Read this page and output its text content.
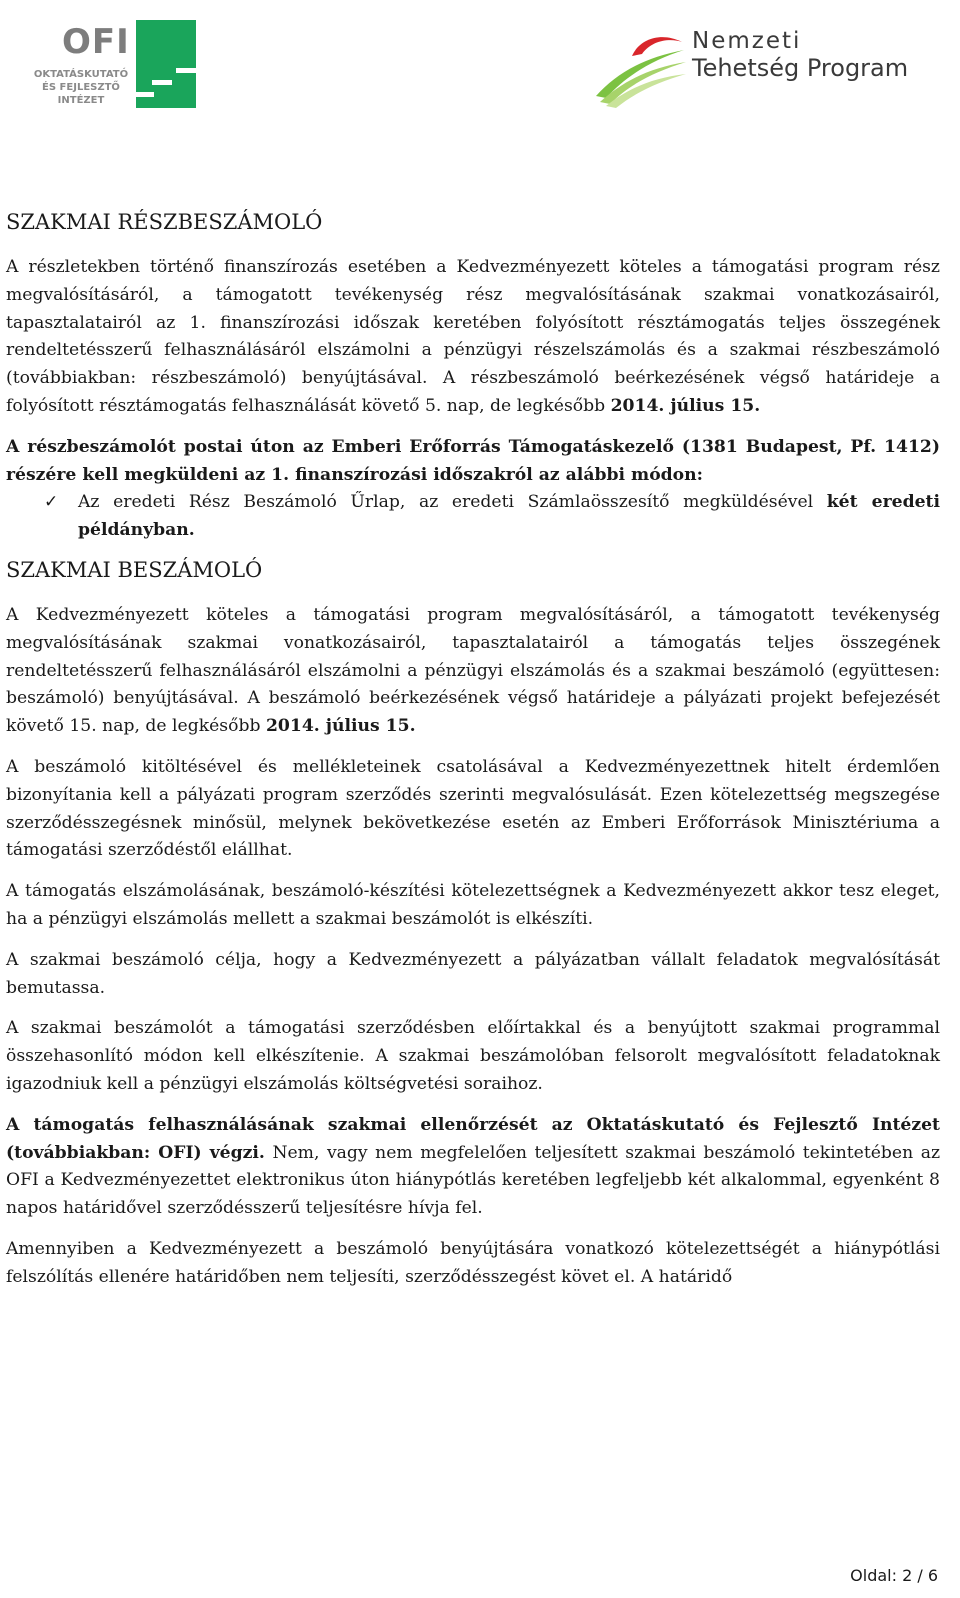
OFI
OKTATÁSKUTATÓ
ÉS FEJLESZTŐ
INTÉZET
Nemzeti
Tehetség Program
SZAKMAI RÉSZBESZÁMOLÓ

A részletekben történő finanszírozás esetében a Kedvezményezett köteles a támogatási program rész megvalósításáról, a támogatott tevékenység rész megvalósításának szakmai vonatkozásairól, tapasztalatairól az 1. finanszírozási időszak keretében folyósított résztámogatás teljes összegének rendeltetésszerű felhasználásáról elszámolni a pénzügyi részelszámolás és a szakmai részbeszámoló (továbbiakban: részbeszámoló) benyújtásával. A részbeszámoló beérkezésének végső határideje a folyósított résztámogatás felhasználását követő 5. nap, de legkésőbb 2014. július 15.

A részbeszámolót postai úton az Emberi Erőforrás Támogatáskezelő (1381 Budapest, Pf. 1412) részére kell megküldeni az 1. finanszírozási időszakról az alábbi módon:

✓ Az eredeti Rész Beszámoló Űrlap, az eredeti Számlaösszesítő megküldésével két eredeti példányban.

SZAKMAI BESZÁMOLÓ

A Kedvezményezett köteles a támogatási program megvalósításáról, a támogatott tevékenység megvalósításának szakmai vonatkozásairól, tapasztalatairól a támogatás teljes összegének rendeltetésszerű felhasználásáról elszámolni a pénzügyi elszámolás és a szakmai beszámoló (együttesen: beszámoló) benyújtásával. A beszámoló beérkezésének végső határideje a pályázati projekt befejezését követő 15. nap, de legkésőbb 2014. július 15.

A beszámoló kitöltésével és mellékleteinek csatolásával a Kedvezményezettnek hitelt érdemlően bizonyítania kell a pályázati program szerződés szerinti megvalósulását. Ezen kötelezettség megszegése szerződésszegésnek minősül, melynek bekövetkezése esetén az Emberi Erőforrások Minisztériuma a támogatási szerződéstől elállhat.

A támogatás elszámolásának, beszámoló-készítési kötelezettségnek a Kedvezményezett akkor tesz eleget, ha a pénzügyi elszámolás mellett a szakmai beszámolót is elkészíti.

A szakmai beszámoló célja, hogy a Kedvezményezett a pályázatban vállalt feladatok megvalósítását bemutassa.

A szakmai beszámolót a támogatási szerződésben előírtakkal és a benyújtott szakmai programmal összehasonlító módon kell elkészítenie. A szakmai beszámolóban felsorolt megvalósított feladatoknak igazodniuk kell a pénzügyi elszámolás költségvetési soraihoz.

A támogatás felhasználásának szakmai ellenőrzését az Oktatáskutató és Fejlesztő Intézet (továbbiakban: OFI) végzi. Nem, vagy nem megfelelően teljesített szakmai beszámoló tekintetében az OFI a Kedvezményezettet elektronikus úton hiánypótlás keretében legfeljebb két alkalommal, egyenként 8 napos határidővel szerződésszerű teljesítésre hívja fel.

Amennyiben a Kedvezményezett a beszámoló benyújtására vonatkozó kötelezettségét a hiánypótlási felszólítás ellenére határidőben nem teljesíti, szerződésszegést követ el. A határidő

Oldal: 2 / 6
